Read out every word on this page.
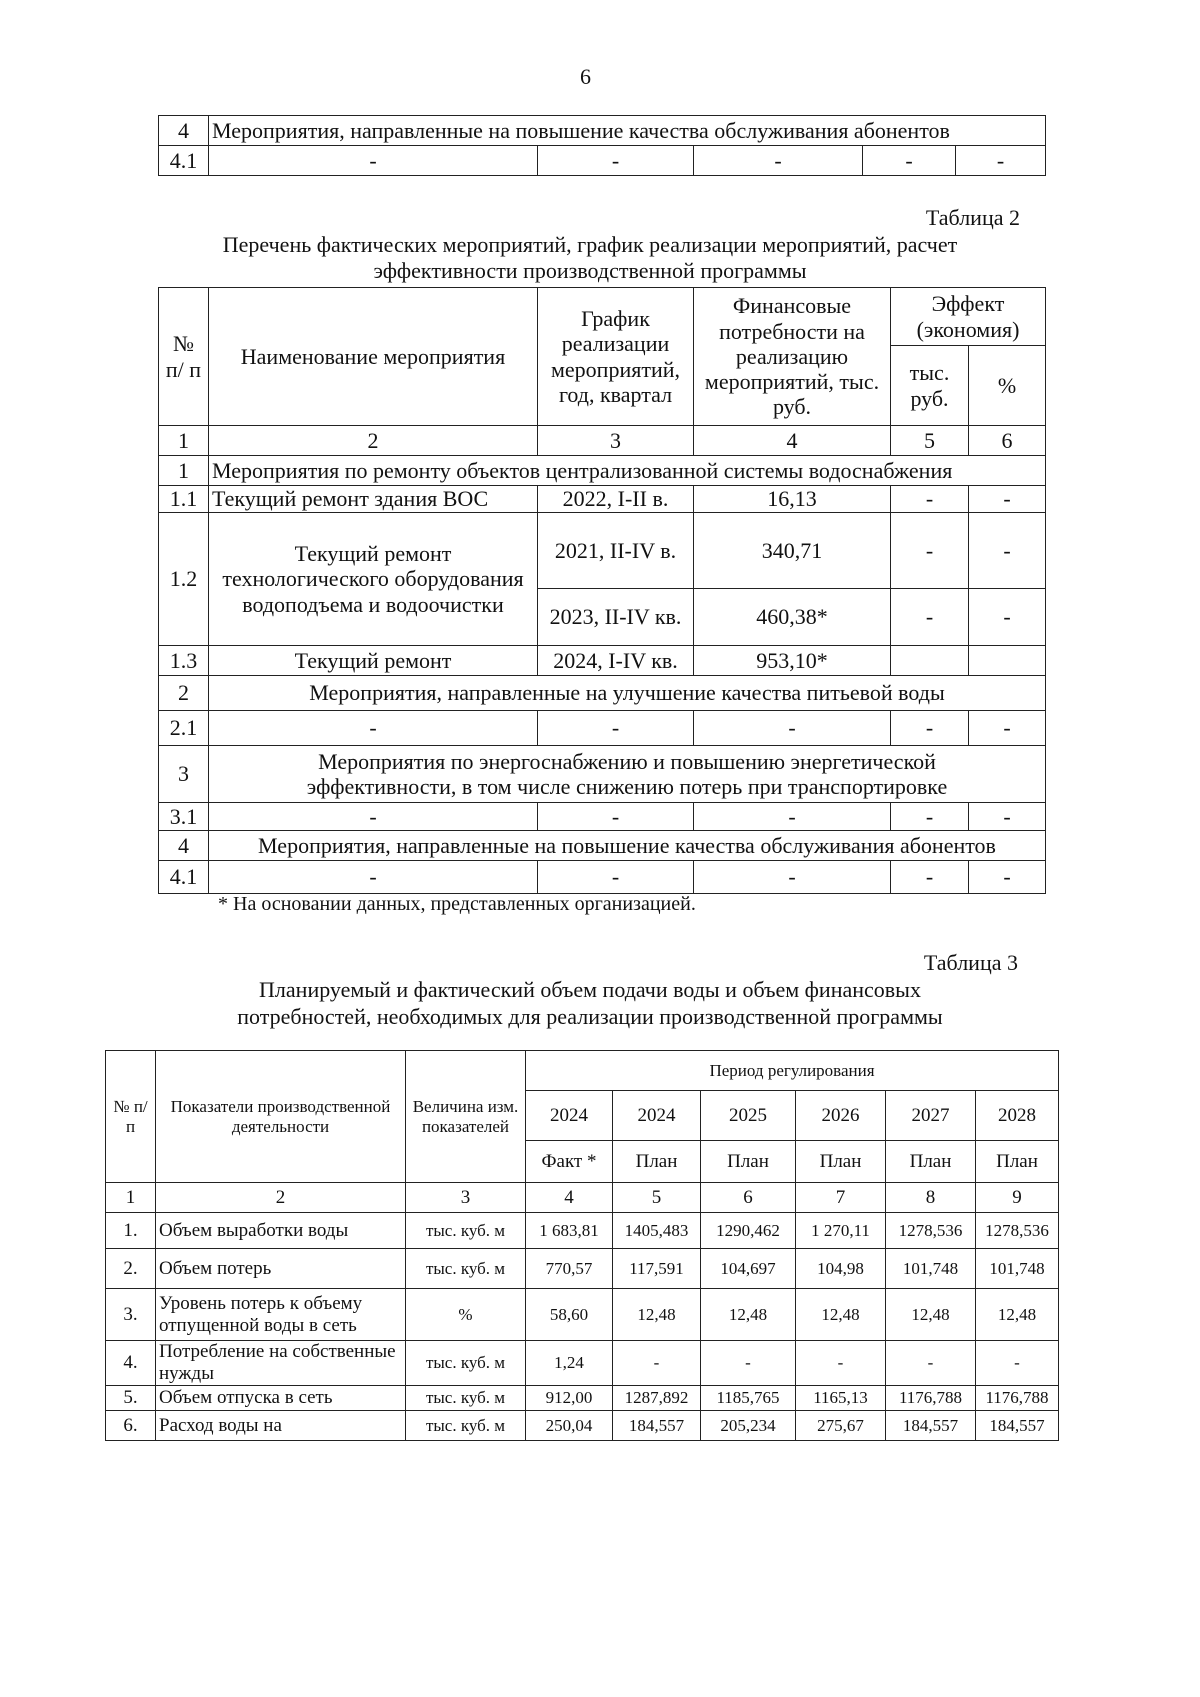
6
4	Мероприятия, направленные на повышение качества обслуживания абонентов				
4.1	-	-	-	-	-
Таблица 2
Перечень фактических мероприятий, график реализации мероприятий, расчет
эффективности производственной программы
№ п/ п	Наименование мероприятия	График реализации мероприятий, год, квартал	Финансовые потребности на реализацию мероприятий, тыс. руб.	Эффект (экономия)	
				тыс. руб.	%
1	2	3	4	5	6
1	Мероприятия по ремонту объектов централизованной системы водоснабжения				
1.1	Текущий ремонт здания ВОС	2022, I-II в.	16,13	-	-
1.2	Текущий ремонт технологического оборудования водоподъема и водоочистки	2021, II-IV в.	340,71	-	-
		2023, II-IV кв.	460,38*	-	-
1.3	Текущий ремонт	2024, I-IV кв.	953,10*		
2	Мероприятия, направленные на улучшение качества питьевой воды				
2.1	-	-	-	-	-
3	Мероприятия по энергоснабжению и повышению энергетической эффективности, в том числе снижению потерь при транспортировке				
3.1	-	-	-	-	-
4	Мероприятия, направленные на повышение качества обслуживания абонентов				
4.1	-	-	-	-	-
* На основании данных, представленных организацией.
Таблица 3
Планируемый и фактический объем подачи воды и объем финансовых
потребностей, необходимых для реализации производственной программы
№ п/п	Показатели производственной деятельности	Величина изм. показателей	Период регулирования					
			2024	2024	2025	2026	2027	2028
			Факт *	План	План	План	План	План
1	2	3	4	5	6	7	8	9
1.	Объем выработки воды	тыс. куб. м	1 683,81	1405,483	1290,462	1 270,11	1278,536	1278,536
2.	Объем потерь	тыс. куб. м	770,57	117,591	104,697	104,98	101,748	101,748
3.	Уровень потерь к объему отпущенной воды в сеть	%	58,60	12,48	12,48	12,48	12,48	12,48
4.	Потребление на собственные нужды	тыс. куб. м	1,24	-	-	-	-	-
5.	Объем отпуска в сеть	тыс. куб. м	912,00	1287,892	1185,765	1165,13	1176,788	1176,788
6.	Расход воды на	тыс. куб. м	250,04	184,557	205,234	275,67	184,557	184,557
